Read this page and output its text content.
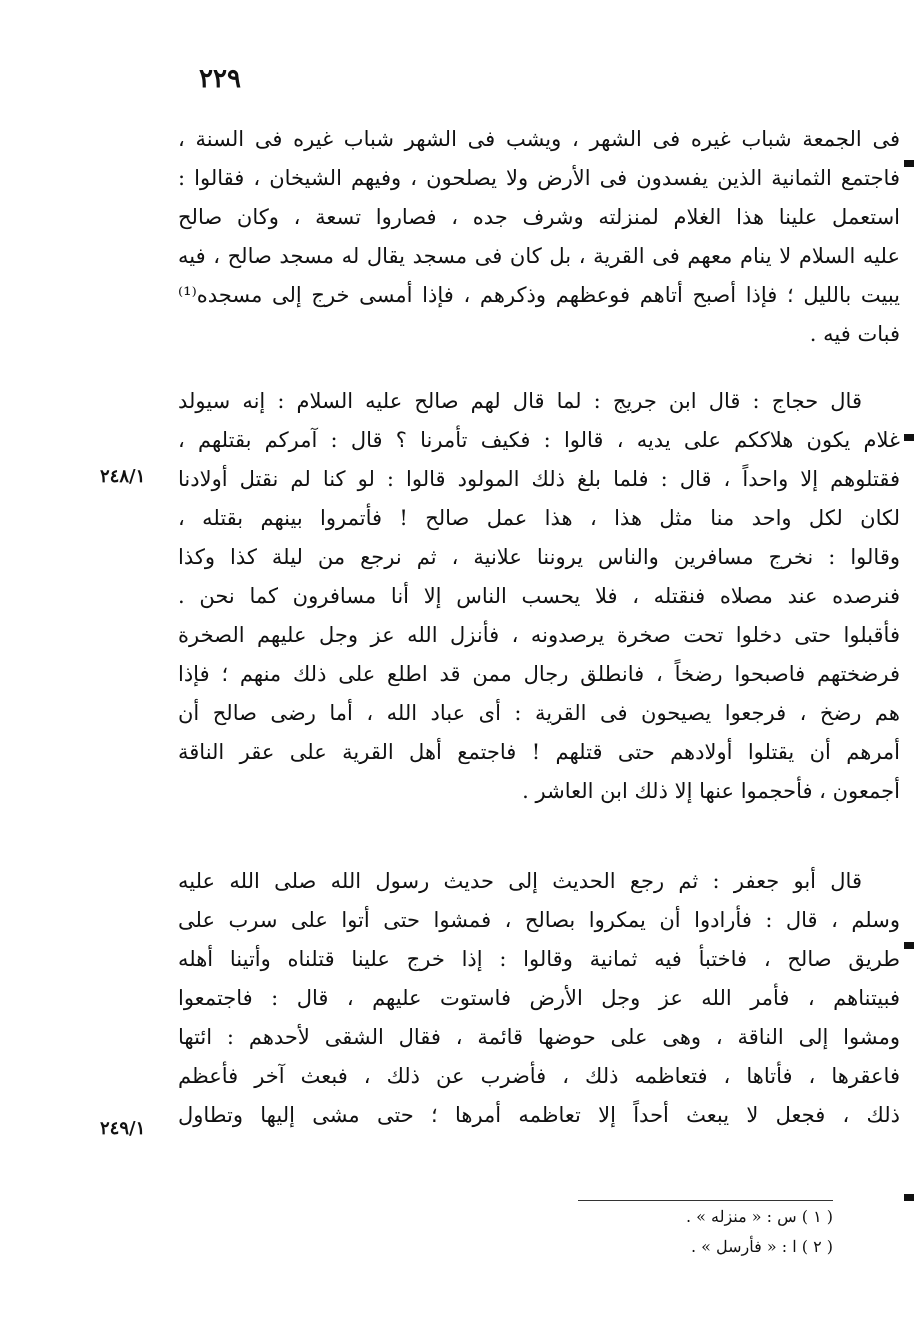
٢٢٩
٢٤٨/١
٢٤٩/١
فى الجمعة شباب غيره فى الشهر ، ويشب فى الشهر شباب غيره فى السنة ،
فاجتمع الثمانية الذين يفسدون فى الأرض ولا يصلحون ، وفيهم الشيخان ، فقالوا :
استعمل علينا هذا الغلام لمنزلته وشرف جده ، فصاروا تسعة ، وكان صالح
عليه السلام لا ينام معهم فى القرية ، بل كان فى مسجد يقال له مسجد صالح ، فيه
يبيت بالليل ؛ فإذا أصبح أتاهم فوعظهم وذكرهم ، فإذا أمسى خرج إلى مسجده⁽¹⁾
فبات فيه .
قال حجاج : قال ابن جريج : لما قال لهم صالح عليه السلام : إنه سيولد
غلام يكون هلاككم على يديه ، قالوا : فكيف تأمرنا ؟ قال : آمركم بقتلهم ،
فقتلوهم إلا واحداً ، قال : فلما بلغ ذلك المولود قالوا : لو كنا لم نقتل أولادنا
لكان لكل واحد منا مثل هذا ، هذا عمل صالح ! فأتمروا بينهم بقتله ،
وقالوا : نخرج مسافرين والناس يروننا علانية ، ثم نرجع من ليلة كذا وكذا
فنرصده عند مصلاه فنقتله ، فلا يحسب الناس إلا أنا مسافرون كما نحن .
فأقبلوا حتى دخلوا تحت صخرة يرصدونه ، فأنزل الله عز وجل عليهم الصخرة
فرضختهم فاصبحوا رضخاً ، فانطلق رجال ممن قد اطلع على ذلك منهم ؛ فإذا
هم رضخ ، فرجعوا يصيحون فى القرية : أى عباد الله ، أما رضى صالح أن
أمرهم أن يقتلوا أولادهم حتى قتلهم ! فاجتمع أهل القرية على عقر الناقة
أجمعون ، فأحجموا عنها إلا ذلك ابن العاشر .
قال أبو جعفر : ثم رجع الحديث إلى حديث رسول الله صلى الله عليه
وسلم ، قال : فأرادوا أن يمكروا بصالح ، فمشوا حتى أتوا على سرب على
طريق صالح ، فاختبأ فيه ثمانية وقالوا : إذا خرج علينا قتلناه وأتينا أهله
فبيتناهم ، فأمر الله عز وجل الأرض فاستوت عليهم ، قال : فاجتمعوا
ومشوا إلى الناقة ، وهى على حوضها قائمة ، فقال الشقى لأحدهم : ائتها
فاعقرها ، فأتاها ، فتعاظمه ذلك ، فأضرب عن ذلك ، فبعث آخر فأعظم
ذلك ، فجعل لا يبعث أحداً إلا تعاظمه أمرها ؛ حتى مشى إليها وتطاول
( ١ ) س : « منزله » .
( ٢ ) ا : « فأرسل » .
